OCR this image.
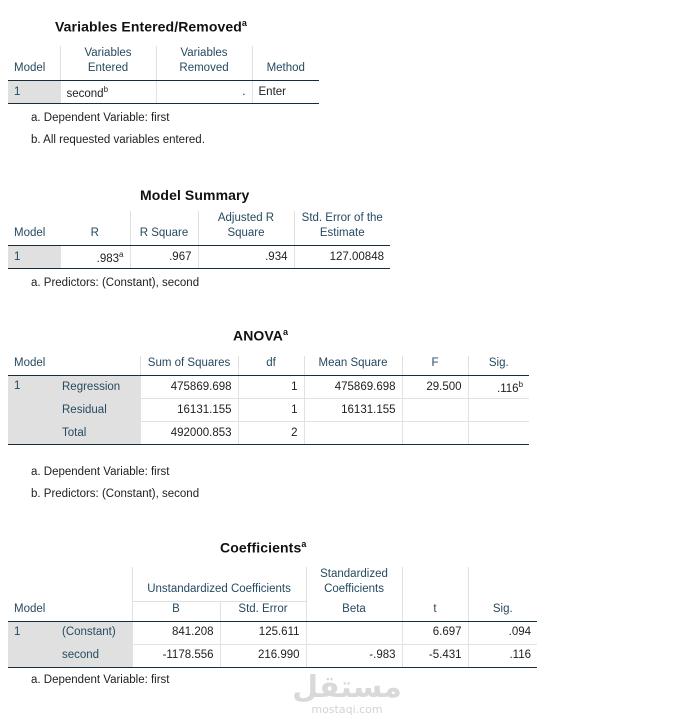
Variables Entered/Removed$^a$
Model	Variables Entered	Variables Removed	Method
1	second$^b$	.	Enter
a. Dependent Variable: first
b. All requested variables entered.
Model Summary
Model	R	R Square	Adjusted R Square	Std. Error of the Estimate
1	.983$^a$	.967	.934	127.00848
a. Predictors: (Constant), second
ANOVA$^a$
Model		Sum of Squares	df	Mean Square	F	Sig.
1	Regression	475869.698	1	475869.698	29.500	.116$^b$
	Residual	16131.155	1	16131.155		
	Total	492000.853	2			
a. Dependent Variable: first
b. Predictors: (Constant), second
Coefficients$^a$
Model		Unstandardized Coefficients		Standardized Coefficients	t	Sig.
		B	Std. Error	Beta		
1	(Constant)	841.208	125.611		6.697	.094
	second	-1178.556	216.990	-.983	-5.431	.116
a. Dependent Variable: first	مستقل
mostaqi.com
